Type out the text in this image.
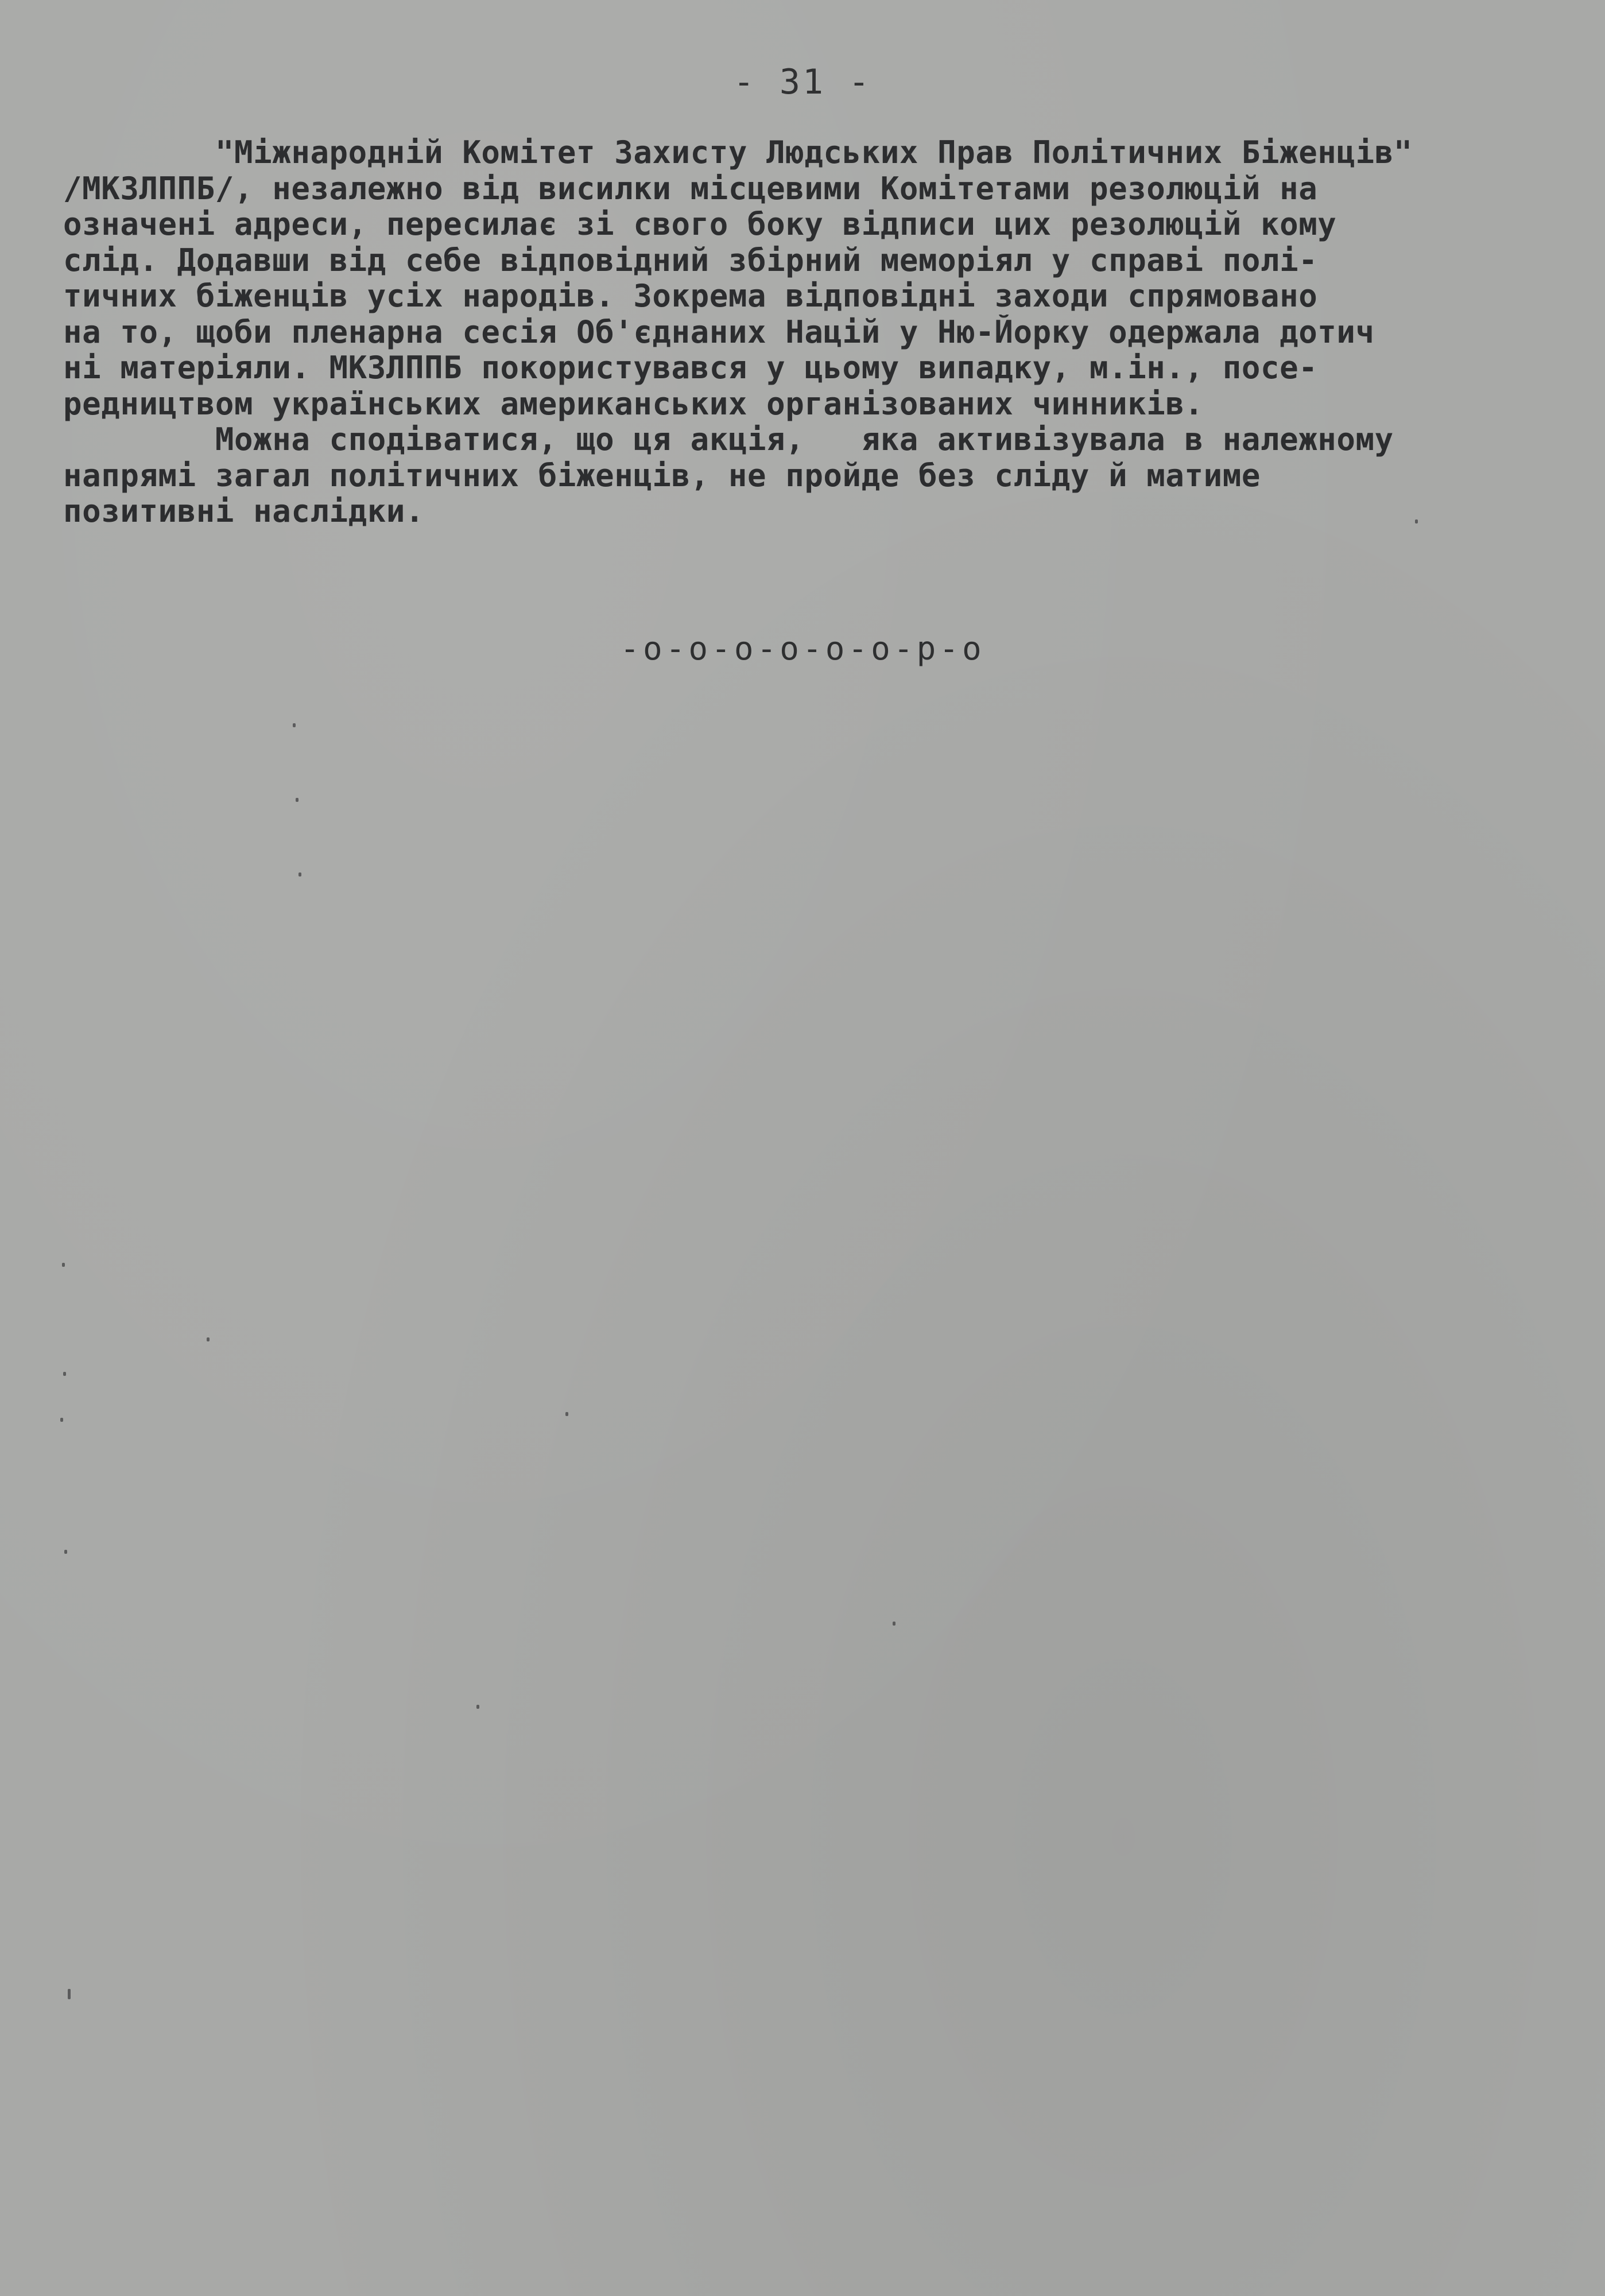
- 31 -
"Міжнародній Комітет Захисту Людських Прав Політичних Біженців"
/МКЗЛППБ/, незалежно від висилки місцевими Комітетами резолюцій на
означені адреси, пересилає зі свого боку відписи цих резолюцій кому
слід. Додавши від себе відповідний збірний меморіял у справі полі-
тичних біженців усіх народів. Зокрема відповідні заходи спрямовано
на то, щоби пленарна сесія Об'єднаних Націй у Ню-Йорку одержала дотич
ні матеріяли. МКЗЛППБ покористувався у цьому випадку, м.ін., посе-
редництвом українських американських організованих чинників.
Можна сподіватися, що ця акція,   яка активізувала в належному
напрямі загал політичних біженців, не пройде без сліду й матиме
позитивні наслідки.
-о-о-о-о-о-о-р-о
